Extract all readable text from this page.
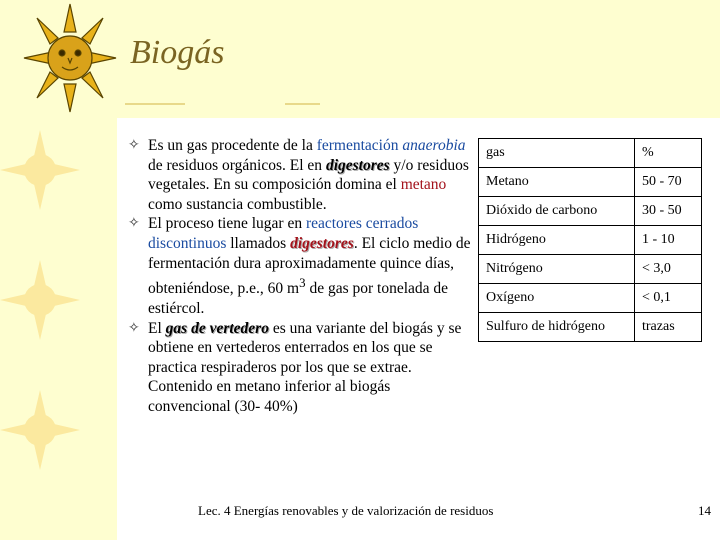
Biogás
✧ Es un gas procedente de la fermentación anaerobia de residuos orgánicos. El en digestores y/o residuos vegetales. En su composición domina el metano como sustancia combustible.
✧ El proceso tiene lugar en reactores cerrados discontinuos llamados digestores. El ciclo medio de fermentación dura aproximadamente quince días, obteniéndose, p.e., 60 $m^3$ de gas por tonelada de estiércol.
✧ El gas de vertedero es una variante del biogás y se obtiene en vertederos enterrados en los que se practica respiraderos por los que se extrae. Contenido en metano inferior al biogás convencional (30- 40%)
gas	%
Metano	50 - 70
Dióxido de carbono	30 - 50
Hidrógeno	1 - 10
Nitrógeno	< 3,0
Oxígeno	< 0,1
Sulfuro de hidrógeno	trazas
Lec. 4 Energías renovables y de valorización de residuos	14
